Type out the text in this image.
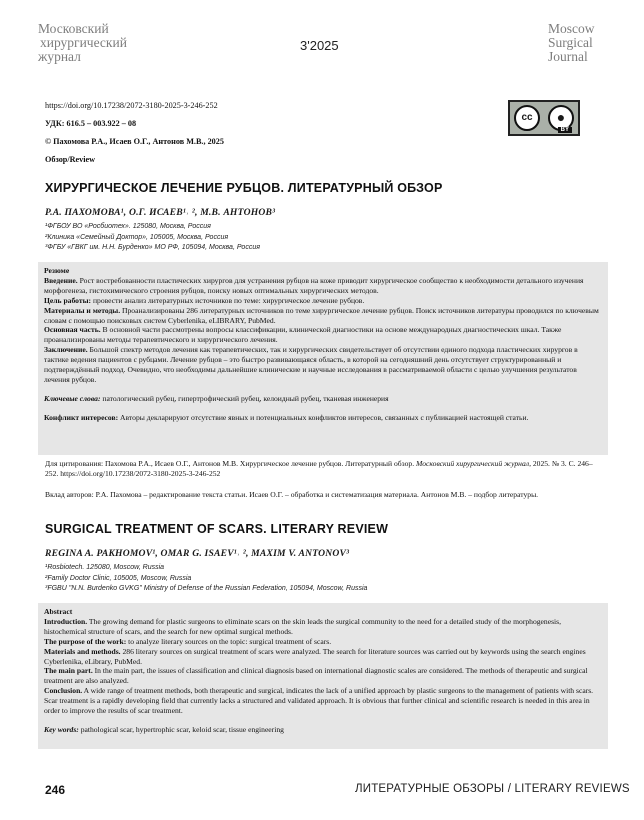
Московский
хирургический
журнал
3'2025
Moscow
Surgical
Journal
https://doi.org/10.17238/2072-3180-2025-3-246-252
УДК: 616.5 – 003.922 – 08
© Пахомова Р.А., Исаев О.Г., Антонов М.В., 2025
Обзор/Review
cc	●
BY
ХИРУРГИЧЕСКОЕ ЛЕЧЕНИЕ РУБЦОВ. ЛИТЕРАТУРНЫЙ ОБЗОР
Р.А. ПАХОМОВА¹, О.Г. ИСАЕВ¹˒ ², М.В. АНТОНОВ³
¹ФГБОУ ВО «Росбиотех». 125080, Москва, Россия
²Клиника «Семейный Доктор», 105005, Москва, Россия
³ФГБУ «ГВКГ им. Н.Н. Бурденко» МО РФ, 105094, Москва, Россия

Резюме

Введение. Рост востребованности пластических хирургов для устранения рубцов на коже приводит хирургическое сообщество к необходимости детального изучения морфогенеза, гистохимического строения рубцов, поиску новых оптимальных хирургических методов.

Цель работы: провести анализ литературных источников по теме: хирургическое лечение рубцов.

Материалы и методы. Проанализированы 286 литературных источников по теме хирургическое лечение рубцов. Поиск источников литературы проводился по ключевым словам с помощью поисковых систем Cyberlenika, eLIBRARY, PubMed.

Основная часть. В основной части рассмотрены вопросы классификации, клинической диагностики на основе международных диагностических шкал. Также проанализированы методы терапевтического и хирургического лечения.

Заключение. Большой спектр методов лечения как терапевтических, так и хирургических свидетельствует об отсутствии единого подхода пластических хирургов в тактике ведения пациентов с рубцами. Лечение рубцов – это быстро развивающаяся область, в которой на сегодняшний день отсутствует структурированный и подтверждённый подход. Очевидно, что необходимы дальнейшие клинические и научные исследования в рассматриваемой области с целью улучшения результатов лечения рубцов.

Ключевые слова: патологический рубец, гипертрофический рубец, келоидный рубец, тканевая инженерия

Конфликт интересов: Авторы декларируют отсутствие явных и потенциальных конфликтов интересов, связанных с публикацией настоящей статьи.

Для цитирования: Пахомова Р.А., Исаев О.Г., Антонов М.В. Хирургическое лечение рубцов. Литературный обзор. Московский хирургический журнал, 2025. № 3. С. 246–252. https://doi.org/10.17238/2072-3180-2025-3-246-252

Вклад авторов: Р.А. Пахомова – редактирование текста статьи. Исаев О.Г. – обработка и систематизация материала. Антонов М.В. – подбор литературы.

SURGICAL TREATMENT OF SCARS. LITERARY REVIEW
REGINA A. PAKHOMOV¹, OMAR G. ISAEV¹˒ ², MAXIM V. ANTONOV³
¹Rosbiotech. 125080, Moscow, Russia
²Family Doctor Clinic, 105005, Moscow, Russia
³FGBU "N.N. Burdenko GVKG" Ministry of Defense of the Russian Federation, 105094, Moscow, Russia

Abstract

Introduction. The growing demand for plastic surgeons to eliminate scars on the skin leads the surgical community to the need for a detailed study of the morphogenesis, histochemical structure of scars, and the search for new optimal surgical methods.

The purpose of the work: to analyze literary sources on the topic: surgical treatment of scars.

Materials and methods. 286 literary sources on surgical treatment of scars were analyzed. The search for literature sources was carried out by keywords using the search engines Cyberlenika, eLibrary, PubMed.

The main part. In the main part, the issues of classification and clinical diagnosis based on international diagnostic scales are considered. The methods of therapeutic and surgical treatment are also analyzed.

Conclusion. A wide range of treatment methods, both therapeutic and surgical, indicates the lack of a unified approach by plastic surgeons to the management of patients with scars. Scar treatment is a rapidly developing field that currently lacks a structured and validated approach. It is obvious that further clinical and scientific research is needed in this area in order to improve the results of scar treatment.

Key words: pathological scar, hypertrophic scar, keloid scar, tissue engineering

246	ЛИТЕРАТУРНЫЕ ОБЗОРЫ / LITERARY REVIEWS
